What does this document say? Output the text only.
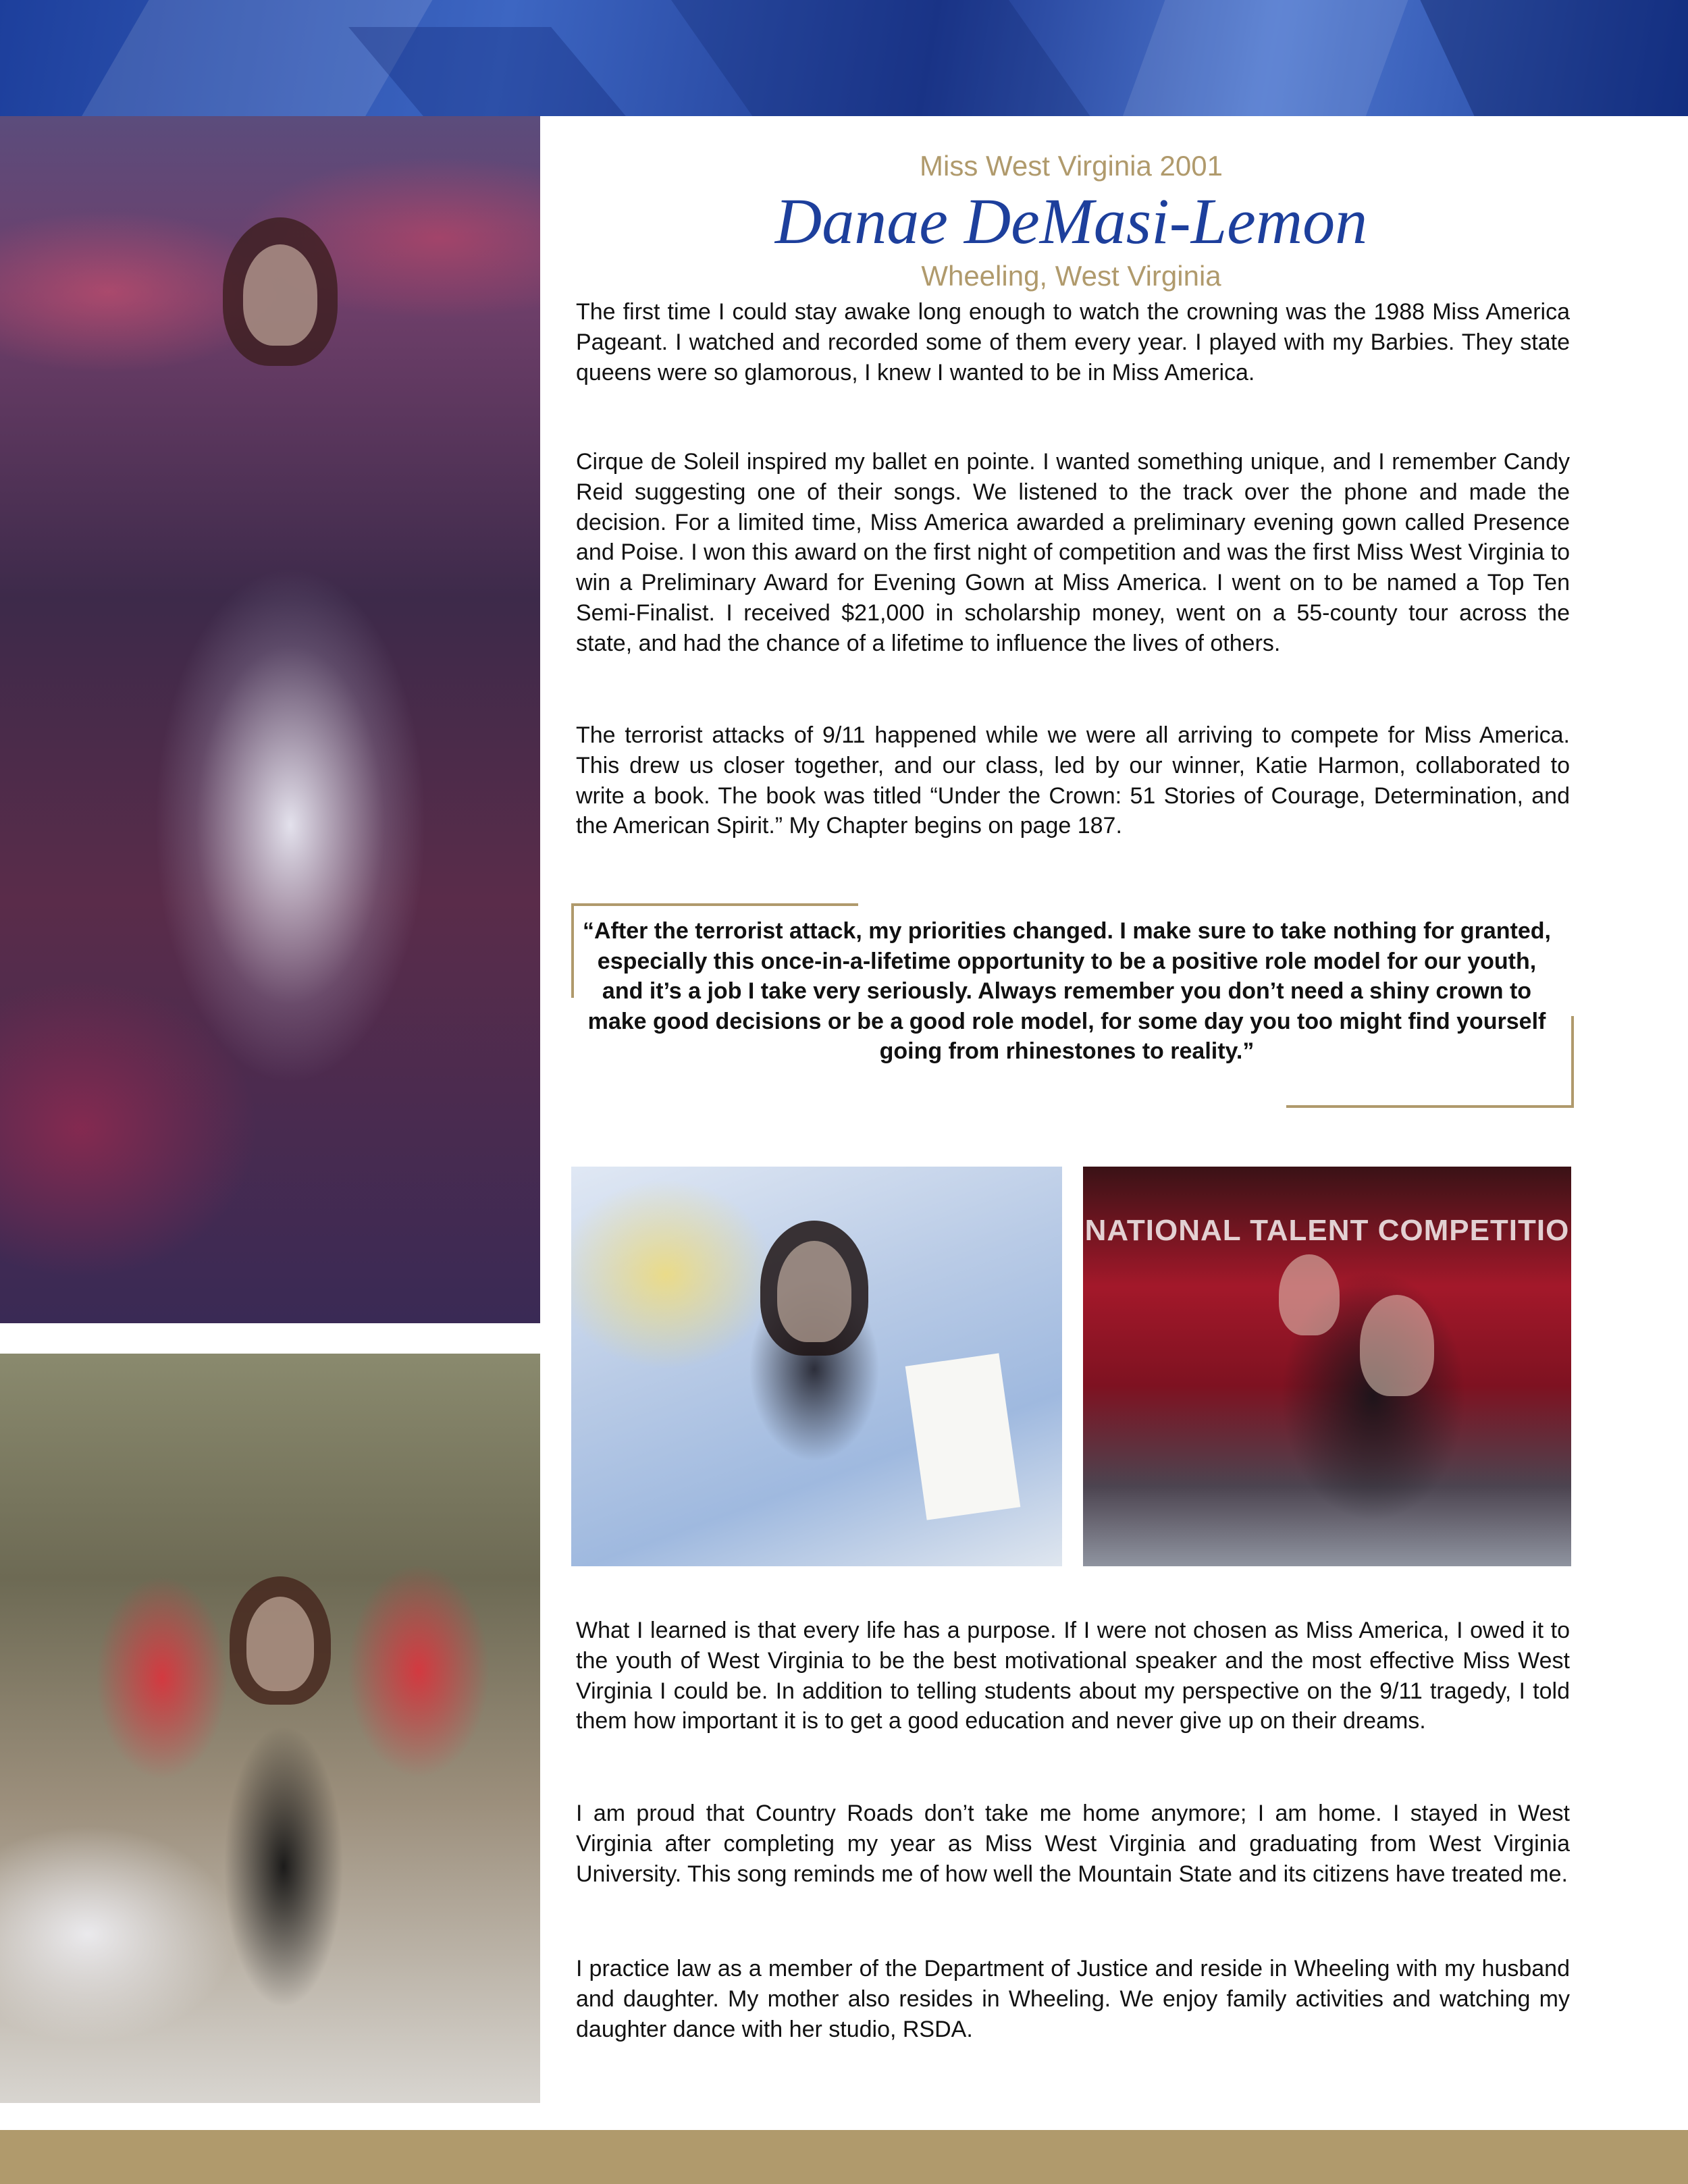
Miss West Virginia 2001
Danae DeMasi-Lemon
Wheeling, West Virginia

The first time I could stay awake long enough to watch the crowning was the 1988 Miss America Pageant. I watched and recorded some of them every year. I played with my Barbies. They state queens were so glamorous, I knew I wanted to be in Miss America.

Cirque de Soleil inspired my ballet en pointe. I wanted something unique, and I remember Candy Reid suggesting one of their songs. We listened to the track over the phone and made the decision. For a limited time, Miss America awarded a preliminary evening gown called Presence and Poise. I won this award on the first night of competition and was the first Miss West Virginia to win a Preliminary Award for Evening Gown at Miss America. I went on to be named a Top Ten Semi-Finalist. I received $21,000 in scholarship money, went on a 55-county tour across the state, and had the chance of a lifetime to influence the lives of others.

The terrorist attacks of 9/11 happened while we were all arriving to compete for Miss America. This drew us closer together, and our class, led by our winner, Katie Harmon, collaborated to write a book. The book was titled “Under the Crown: 51 Stories of Courage, Determination, and the American Spirit.” My Chapter begins on page 187.

“After the terrorist attack, my priorities changed. I make sure to take nothing for granted, especially this once-in-a-lifetime opportunity to be a positive role model for our youth, and it’s a job I take very seriously. Always remember you don’t need a shiny crown to make good decisions or be a good role model, for some day you too might find yourself going from rhinestones to reality.”

NATIONAL TALENT COMPETITIO

What I learned is that every life has a purpose. If I were not chosen as Miss America, I owed it to the youth of West Virginia to be the best motivational speaker and the most effective Miss West Virginia I could be. In addition to telling students about my perspective on the 9/11 tragedy, I told them how important it is to get a good education and never give up on their dreams.

I am proud that Country Roads don’t take me home anymore; I am home. I stayed in West Virginia after completing my year as Miss West Virginia and graduating from West Virginia University. This song reminds me of how well the Mountain State and its citizens have treated me.

I practice law as a member of the Department of Justice and reside in Wheeling with my husband and daughter. My mother also resides in Wheeling. We enjoy family activities and watching my daughter dance with her studio, RSDA.
